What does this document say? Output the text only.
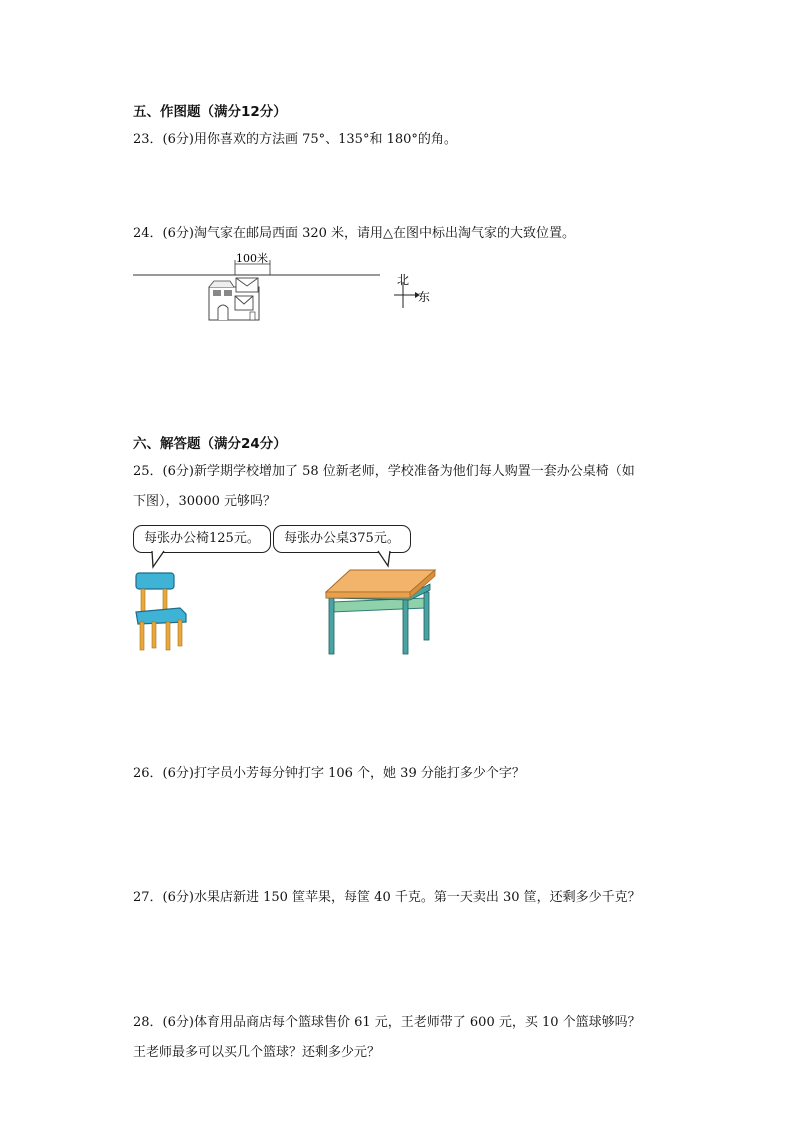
五、作图题（满分12分）
23．(6分)用你喜欢的方法画 75°、135°和 180°的角。
24．(6分)淘气家在邮局西面 320 米，请用△在图中标出淘气家的大致位置。
100米
北
东
六、解答题（满分24分）
25．(6分)新学期学校增加了 58 位新老师，学校准备为他们每人购置一套办公桌椅（如
下图），30000 元够吗？
每张办公椅125元。	每张办公桌375元。
26．(6分)打字员小芳每分钟打字 106 个，她 39 分能打多少个字？
27．(6分)水果店新进 150 筐苹果，每筐 40 千克。第一天卖出 30 筐，还剩多少千克？
28．(6分)体育用品商店每个篮球售价 61 元，王老师带了 600 元，买 10 个篮球够吗？
王老师最多可以买几个篮球？还剩多少元？
